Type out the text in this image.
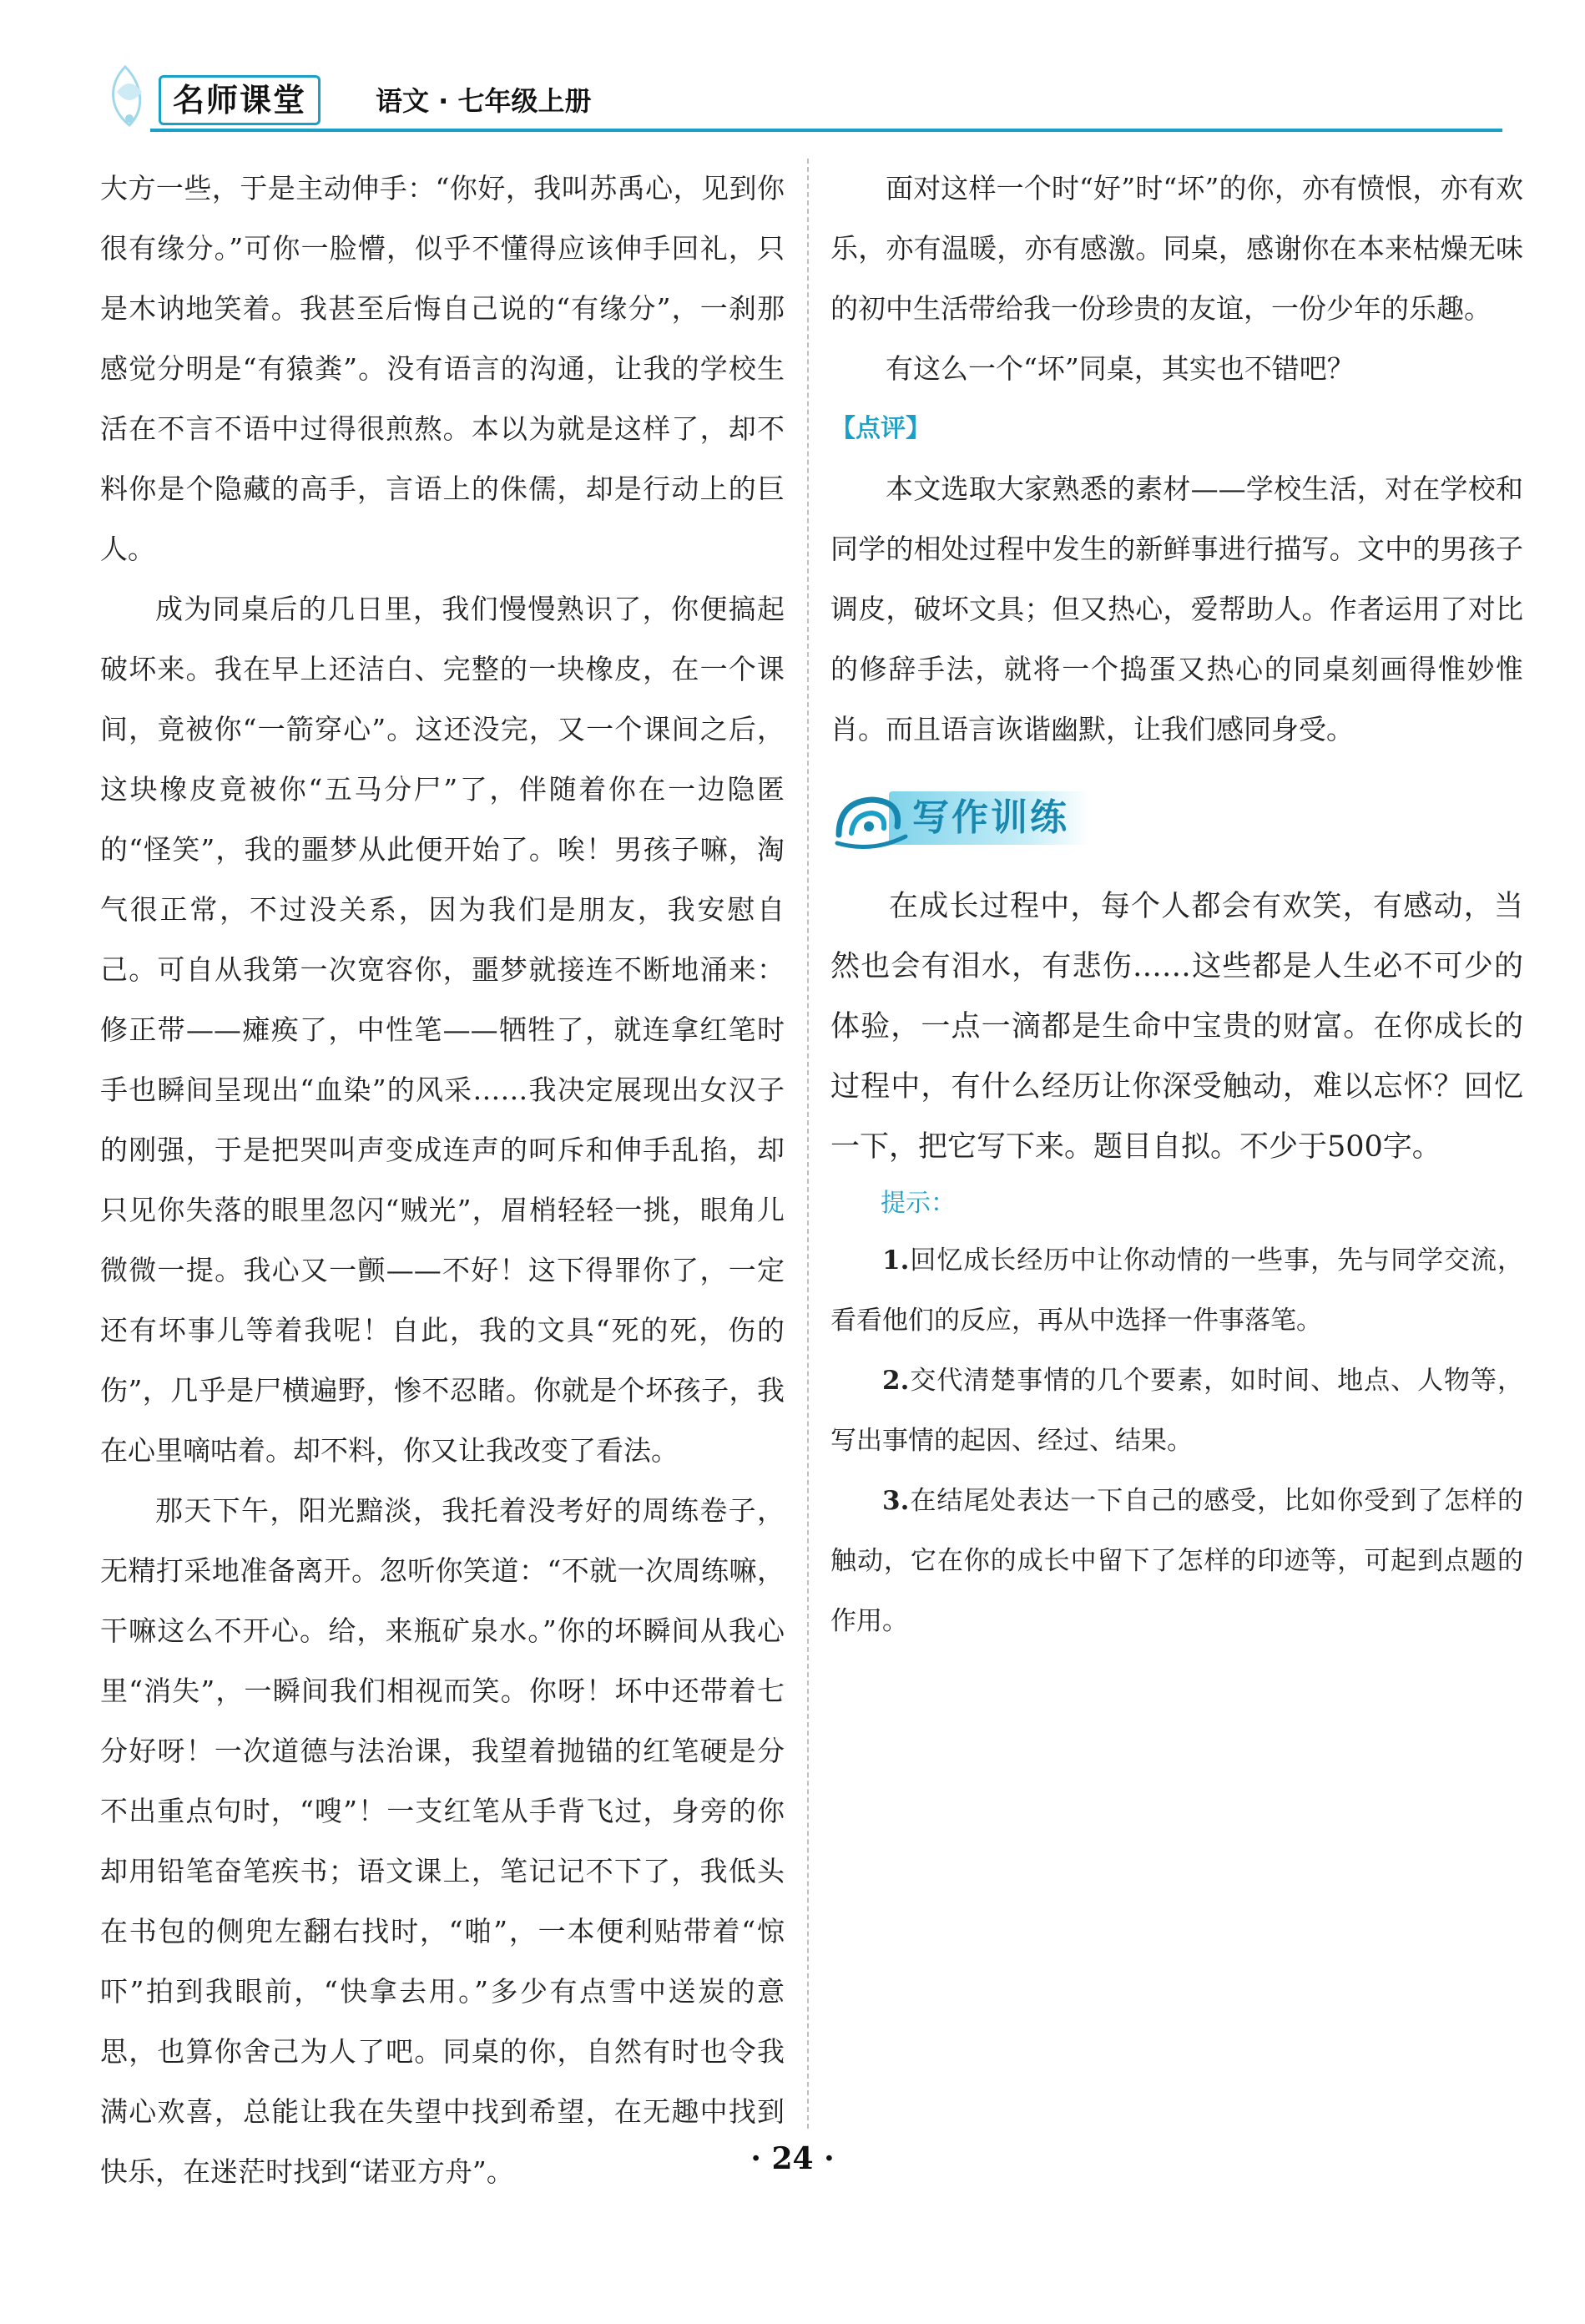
名师课堂	语文 · 七年级上册

大方一些，于是主动伸手：“你好，我叫苏禹心，见到你很有缘分。”可你一脸懵，似乎不懂得应该伸手回礼，只是木讷地笑着。我甚至后悔自己说的“有缘分”，一刹那感觉分明是“有猿粪”。没有语言的沟通，让我的学校生活在不言不语中过得很煎熬。本以为就是这样了，却不料你是个隐藏的高手，言语上的侏儒，却是行动上的巨人。

成为同桌后的几日里，我们慢慢熟识了，你便搞起破坏来。我在早上还洁白、完整的一块橡皮，在一个课间，竟被你“一箭穿心”。这还没完，又一个课间之后，这块橡皮竟被你“五马分尸”了，伴随着你在一边隐匿的“怪笑”，我的噩梦从此便开始了。唉！男孩子嘛，淘气很正常，不过没关系，因为我们是朋友，我安慰自己。可自从我第一次宽容你，噩梦就接连不断地涌来：修正带——瘫痪了，中性笔——牺牲了，就连拿红笔时手也瞬间呈现出“血染”的风采……我决定展现出女汉子的刚强，于是把哭叫声变成连声的呵斥和伸手乱掐，却只见你失落的眼里忽闪“贼光”，眉梢轻轻一挑，眼角儿微微一提。我心又一颤——不好！这下得罪你了，一定还有坏事儿等着我呢！自此，我的文具“死的死，伤的伤”，几乎是尸横遍野，惨不忍睹。你就是个坏孩子，我在心里嘀咕着。却不料，你又让我改变了看法。

那天下午，阳光黯淡，我托着没考好的周练卷子，无精打采地准备离开。忽听你笑道：“不就一次周练嘛，干嘛这么不开心。给，来瓶矿泉水。”你的坏瞬间从我心里“消失”，一瞬间我们相视而笑。你呀！坏中还带着七分好呀！一次道德与法治课，我望着抛锚的红笔硬是分不出重点句时，“嗖”！一支红笔从手背飞过，身旁的你却用铅笔奋笔疾书；语文课上，笔记记不下了，我低头在书包的侧兜左翻右找时，“啪”，一本便利贴带着“惊吓”拍到我眼前，“快拿去用。”多少有点雪中送炭的意思，也算你舍己为人了吧。同桌的你，自然有时也令我满心欢喜，总能让我在失望中找到希望，在无趣中找到快乐，在迷茫时找到“诺亚方舟”。

面对这样一个时“好”时“坏”的你，亦有愤恨，亦有欢乐，亦有温暖，亦有感激。同桌，感谢你在本来枯燥无味的初中生活带给我一份珍贵的友谊，一份少年的乐趣。

有这么一个“坏”同桌，其实也不错吧？

【点评】

本文选取大家熟悉的素材——学校生活，对在学校和同学的相处过程中发生的新鲜事进行描写。文中的男孩子调皮，破坏文具；但又热心，爱帮助人。作者运用了对比的修辞手法，就将一个捣蛋又热心的同桌刻画得惟妙惟肖。而且语言诙谐幽默，让我们感同身受。

写作训练

在成长过程中，每个人都会有欢笑，有感动，当然也会有泪水，有悲伤……这些都是人生必不可少的体验，一点一滴都是生命中宝贵的财富。在你成长的过程中，有什么经历让你深受触动，难以忘怀？回忆一下，把它写下来。题目自拟。不少于500字。

提示：

1.回忆成长经历中让你动情的一些事，先与同学交流，看看他们的反应，再从中选择一件事落笔。

2.交代清楚事情的几个要素，如时间、地点、人物等，写出事情的起因、经过、结果。

3.在结尾处表达一下自己的感受，比如你受到了怎样的触动，它在你的成长中留下了怎样的印迹等，可起到点题的作用。

· 24 ·
